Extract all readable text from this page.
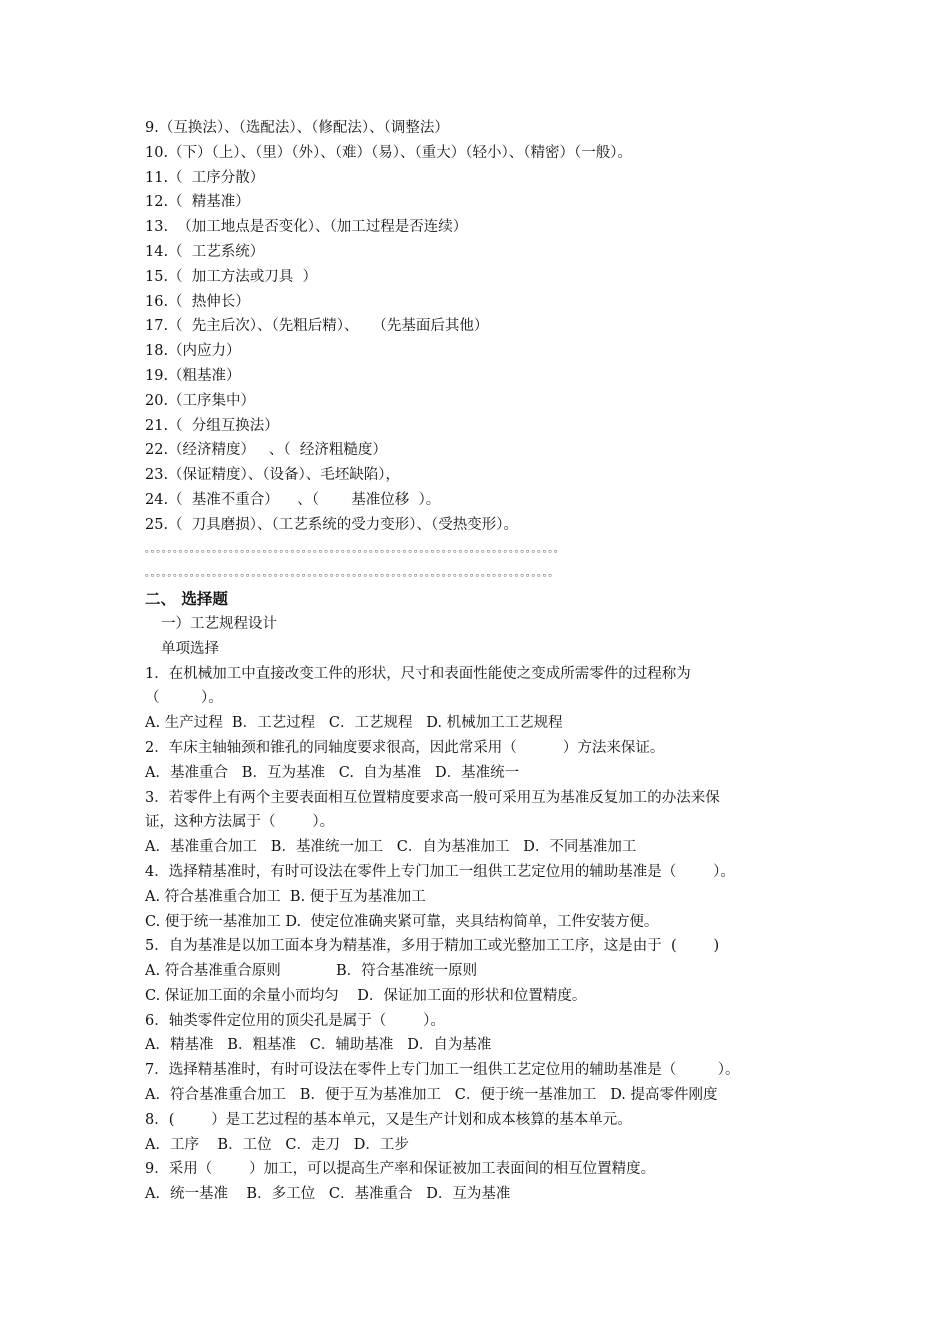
9.（互换法）、（选配法）、（修配法）、（调整法）
10.（下）（上）、（里）（外）、（难）（易）、（重大）（轻小）、（精密）（一般）。
11.（  工序分散）
12.（  精基准）
13.  （加工地点是否变化）、（加工过程是否连续）
14.（  工艺系统）
15.（  加工方法或刀具  ）
16.（  热伸长）
17.（  先主后次）、（先粗后精）、   （先基面后其他）
18.（内应力）
19.（粗基准）
20.（工序集中）
21.（  分组互换法）
22.（经济精度）   、（  经济粗糙度）
23.（保证精度）、（设备）、毛坯缺陷），
24.（  基准不重合）    、（       基准位移  ）。
25.（  刀具磨损）、（工艺系统的受力变形）、（受热变形）。
。。。。。。。。。。。。。。。。。。。。。。。。。。。。。。。。。。。。。。。。。。。。。。。。。。。。。。。。。。。。。。。。。。。。。。。。。。
。。。。。。。。。。。。。。。。。。。。。。。。。。。。。。。。。。。。。。。。。。。。。。。。。。。。。。。。。。。。。。。。。。。。。。。。。
二、 选择题
一）工艺规程设计
单项选择
1．在机械加工中直接改变工件的形状，尺寸和表面性能使之变成所需零件的过程称为
（         ）。
A. 生产过程  B．工艺过程   C．工艺规程   D. 机械加工工艺规程
2．车床主轴轴颈和锥孔的同轴度要求很高，因此常采用（          ）方法来保证。
A．基准重合   B．互为基准   C.  自为基准   D．基准统一
3．若零件上有两个主要表面相互位置精度要求高一般可采用互为基准反复加工的办法来保
证，这种方法属于（        ）。
A．基准重合加工   B．基准统一加工   C．自为基准加工   D．不同基准加工
4．选择精基准时，有时可设法在零件上专门加工一组供工艺定位用的辅助基准是（        ）。
A. 符合基准重合加工  B. 便于互为基准加工
C. 便于统一基准加工 D.  使定位准确夹紧可靠，夹具结构简单，工件安装方便。
5．自为基准是以加工面本身为精基准，多用于精加工或光整加工工序，这是由于  (        )
A. 符合基准重合原则            B．符合基准统一原则
C. 保证加工面的余量小而均匀    D．保证加工面的形状和位置精度。
6．轴类零件定位用的顶尖孔是属于（        ）。
A．精基准   B．粗基准   C．辅助基准   D．自为基准
7．选择精基准时，有时可设法在零件上专门加工一组供工艺定位用的辅助基准是（         ）。
A．符合基准重合加工   B．便于互为基准加工   C．便于统一基准加工   D. 提高零件刚度
8．(        ）是工艺过程的基本单元，又是生产计划和成本核算的基本单元。
A．工序    B．工位   C．走刀   D．工步
9．采用（        ）加工，可以提高生产率和保证被加工表面间的相互位置精度。
A．统一基准    B．多工位   C．基准重合   D．互为基准
